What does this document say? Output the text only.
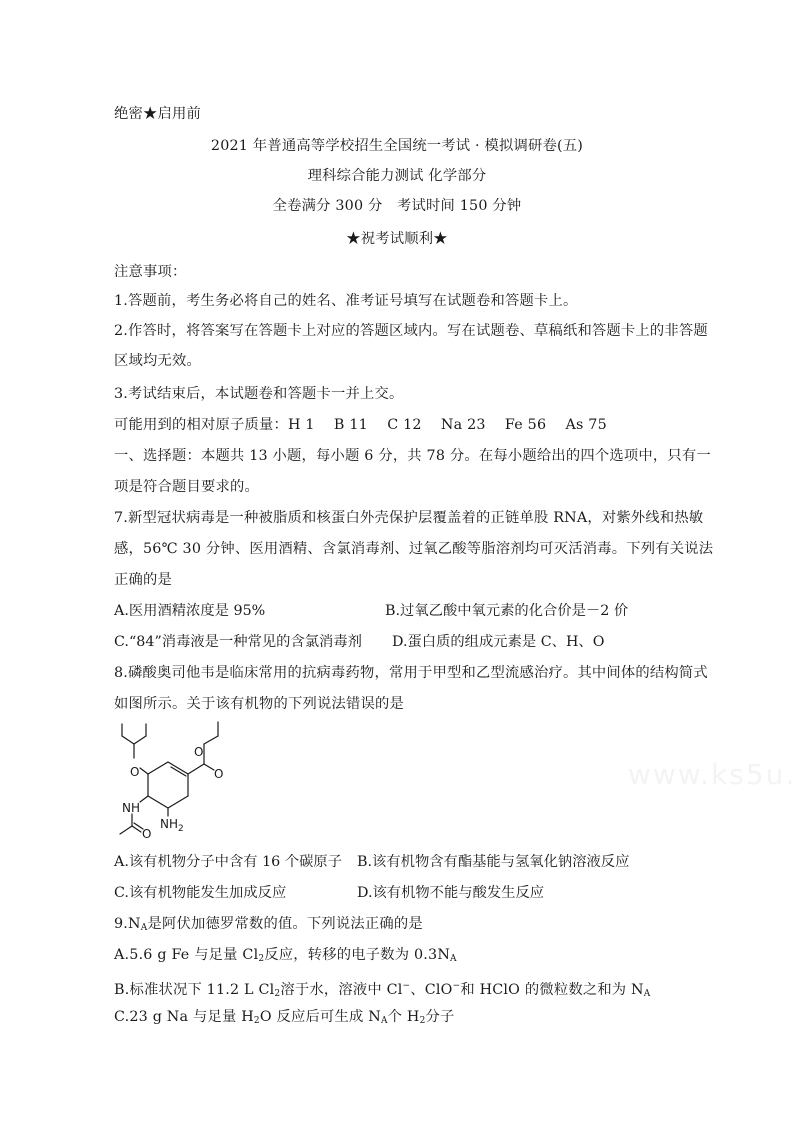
绝密★启用前
2021 年普通高等学校招生全国统一考试 · 模拟调研卷(五)
理科综合能力测试 化学部分
全卷满分 300 分　考试时间 150 分钟
★祝考试顺利★
注意事项：
1.答题前，考生务必将自己的姓名、准考证号填写在试题卷和答题卡上。
2.作答时，将答案写在答题卡上对应的答题区域内。写在试题卷、草稿纸和答题卡上的非答题
区域均无效。
3.考试结束后，本试题卷和答题卡一并上交。
可能用到的相对原子质量：H 1　 B 11　 C 12　 Na 23　 Fe 56　 As 75
一、选择题：本题共 13 小题，每小题 6 分，共 78 分。在每小题给出的四个选项中，只有一
项是符合题目要求的。
7.新型冠状病毒是一种被脂质和核蛋白外壳保护层覆盖着的正链单股 RNA，对紫外线和热敏
感，56℃ 30 分钟、医用酒精、含氯消毒剂、过氧乙酸等脂溶剂均可灭活消毒。下列有关说法
正确的是
A.医用酒精浓度是 95%	B.过氧乙酸中氧元素的化合价是－2 价
C.“84”消毒液是一种常见的含氯消毒剂 D.蛋白质的组成元素是 C、H、O
8.磷酸奥司他韦是临床常用的抗病毒药物，常用于甲型和乙型流感治疗。其中间体的结构简式
如图所示。关于该有机物的下列说法错误的是
O
O
O
O
NH
$NH_2$
A.该有机物分子中含有 16 个碳原子 B.该有机物含有酯基能与氢氧化钠溶液反应
C.该有机物能发生加成反应	D.该有机物不能与酸发生反应
$9.N_A$是阿伏加德罗常数的值。下列说法正确的是
A.5.6 g Fe 与足量 $Cl_2$反应，转移的电子数为 $0.3N_A$
B.标准状况下 11.2 L $Cl_2$溶于水，溶液中 Cl−、ClO−和 HClO 的微粒数之和为 $N_A$
C.23 g Na 与足量 $H_2O$ 反应后可生成 $N_A$个 $H_2$分子
